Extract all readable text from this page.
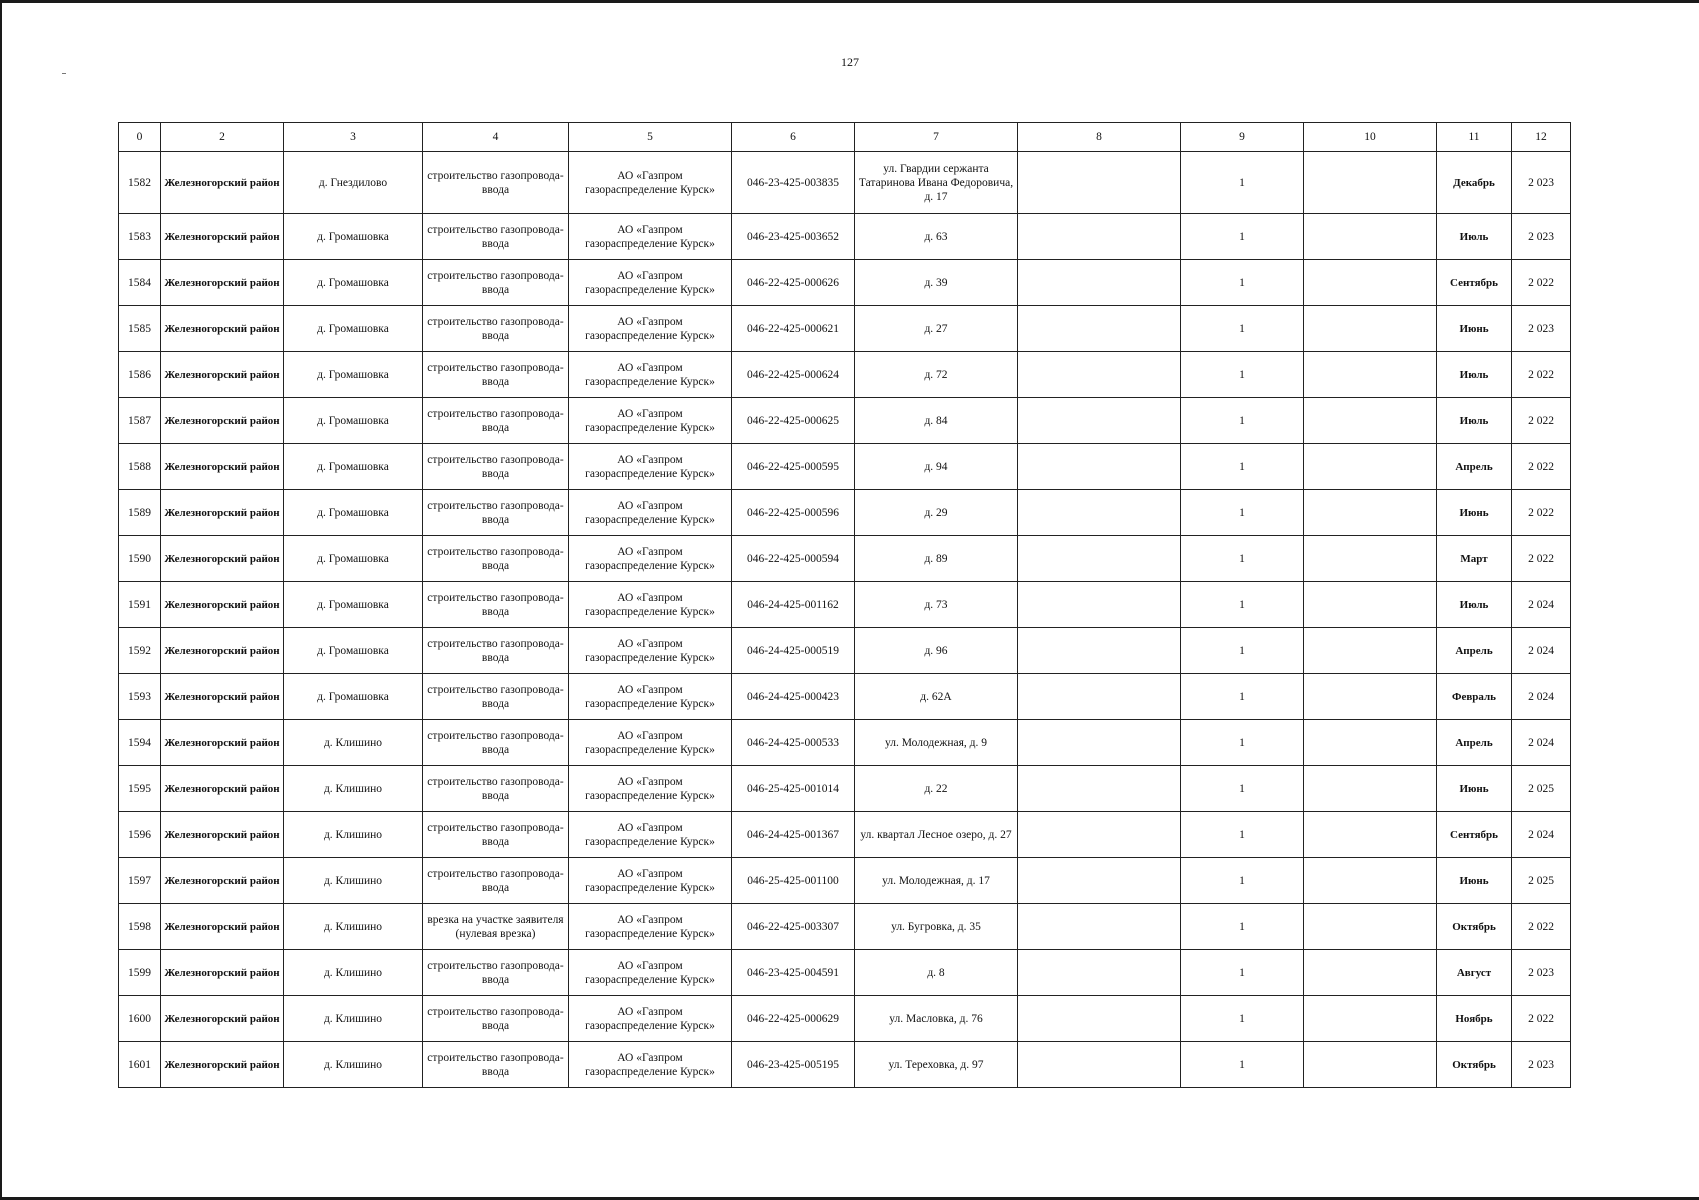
127
0	2	3	4	5	6	7	8	9	10	11	12
1582	Железногорский район	д. Гнездилово	строительство газопровода-ввода	АО «Газпром газораспределение Курск»	046-23-425-003835	ул. Гвардии сержанта Татаринова Ивана Федоровича, д. 17		1		Декабрь	2 023
1583	Железногорский район	д. Громашовка	строительство газопровода-ввода	АО «Газпром газораспределение Курск»	046-23-425-003652	д. 63		1		Июль	2 023
1584	Железногорский район	д. Громашовка	строительство газопровода-ввода	АО «Газпром газораспределение Курск»	046-22-425-000626	д. 39		1		Сентябрь	2 022
1585	Железногорский район	д. Громашовка	строительство газопровода-ввода	АО «Газпром газораспределение Курск»	046-22-425-000621	д. 27		1		Июнь	2 023
1586	Железногорский район	д. Громашовка	строительство газопровода-ввода	АО «Газпром газораспределение Курск»	046-22-425-000624	д. 72		1		Июль	2 022
1587	Железногорский район	д. Громашовка	строительство газопровода-ввода	АО «Газпром газораспределение Курск»	046-22-425-000625	д. 84		1		Июль	2 022
1588	Железногорский район	д. Громашовка	строительство газопровода-ввода	АО «Газпром газораспределение Курск»	046-22-425-000595	д. 94		1		Апрель	2 022
1589	Железногорский район	д. Громашовка	строительство газопровода-ввода	АО «Газпром газораспределение Курск»	046-22-425-000596	д. 29		1		Июнь	2 022
1590	Железногорский район	д. Громашовка	строительство газопровода-ввода	АО «Газпром газораспределение Курск»	046-22-425-000594	д. 89		1		Март	2 022
1591	Железногорский район	д. Громашовка	строительство газопровода-ввода	АО «Газпром газораспределение Курск»	046-24-425-001162	д. 73		1		Июль	2 024
1592	Железногорский район	д. Громашовка	строительство газопровода-ввода	АО «Газпром газораспределение Курск»	046-24-425-000519	д. 96		1		Апрель	2 024
1593	Железногорский район	д. Громашовка	строительство газопровода-ввода	АО «Газпром газораспределение Курск»	046-24-425-000423	д. 62А		1		Февраль	2 024
1594	Железногорский район	д. Клишино	строительство газопровода-ввода	АО «Газпром газораспределение Курск»	046-24-425-000533	ул. Молодежная, д. 9		1		Апрель	2 024
1595	Железногорский район	д. Клишино	строительство газопровода-ввода	АО «Газпром газораспределение Курск»	046-25-425-001014	д. 22		1		Июнь	2 025
1596	Железногорский район	д. Клишино	строительство газопровода-ввода	АО «Газпром газораспределение Курск»	046-24-425-001367	ул. квартал Лесное озеро, д. 27		1		Сентябрь	2 024
1597	Железногорский район	д. Клишино	строительство газопровода-ввода	АО «Газпром газораспределение Курск»	046-25-425-001100	ул. Молодежная, д. 17		1		Июнь	2 025
1598	Железногорский район	д. Клишино	врезка на участке заявителя (нулевая врезка)	АО «Газпром газораспределение Курск»	046-22-425-003307	ул. Бугровка, д. 35		1		Октябрь	2 022
1599	Железногорский район	д. Клишино	строительство газопровода-ввода	АО «Газпром газораспределение Курск»	046-23-425-004591	д. 8		1		Август	2 023
1600	Железногорский район	д. Клишино	строительство газопровода-ввода	АО «Газпром газораспределение Курск»	046-22-425-000629	ул. Масловка, д. 76		1		Ноябрь	2 022
1601	Железногорский район	д. Клишино	строительство газопровода-ввода	АО «Газпром газораспределение Курск»	046-23-425-005195	ул. Тереховка, д. 97		1		Октябрь	2 023
